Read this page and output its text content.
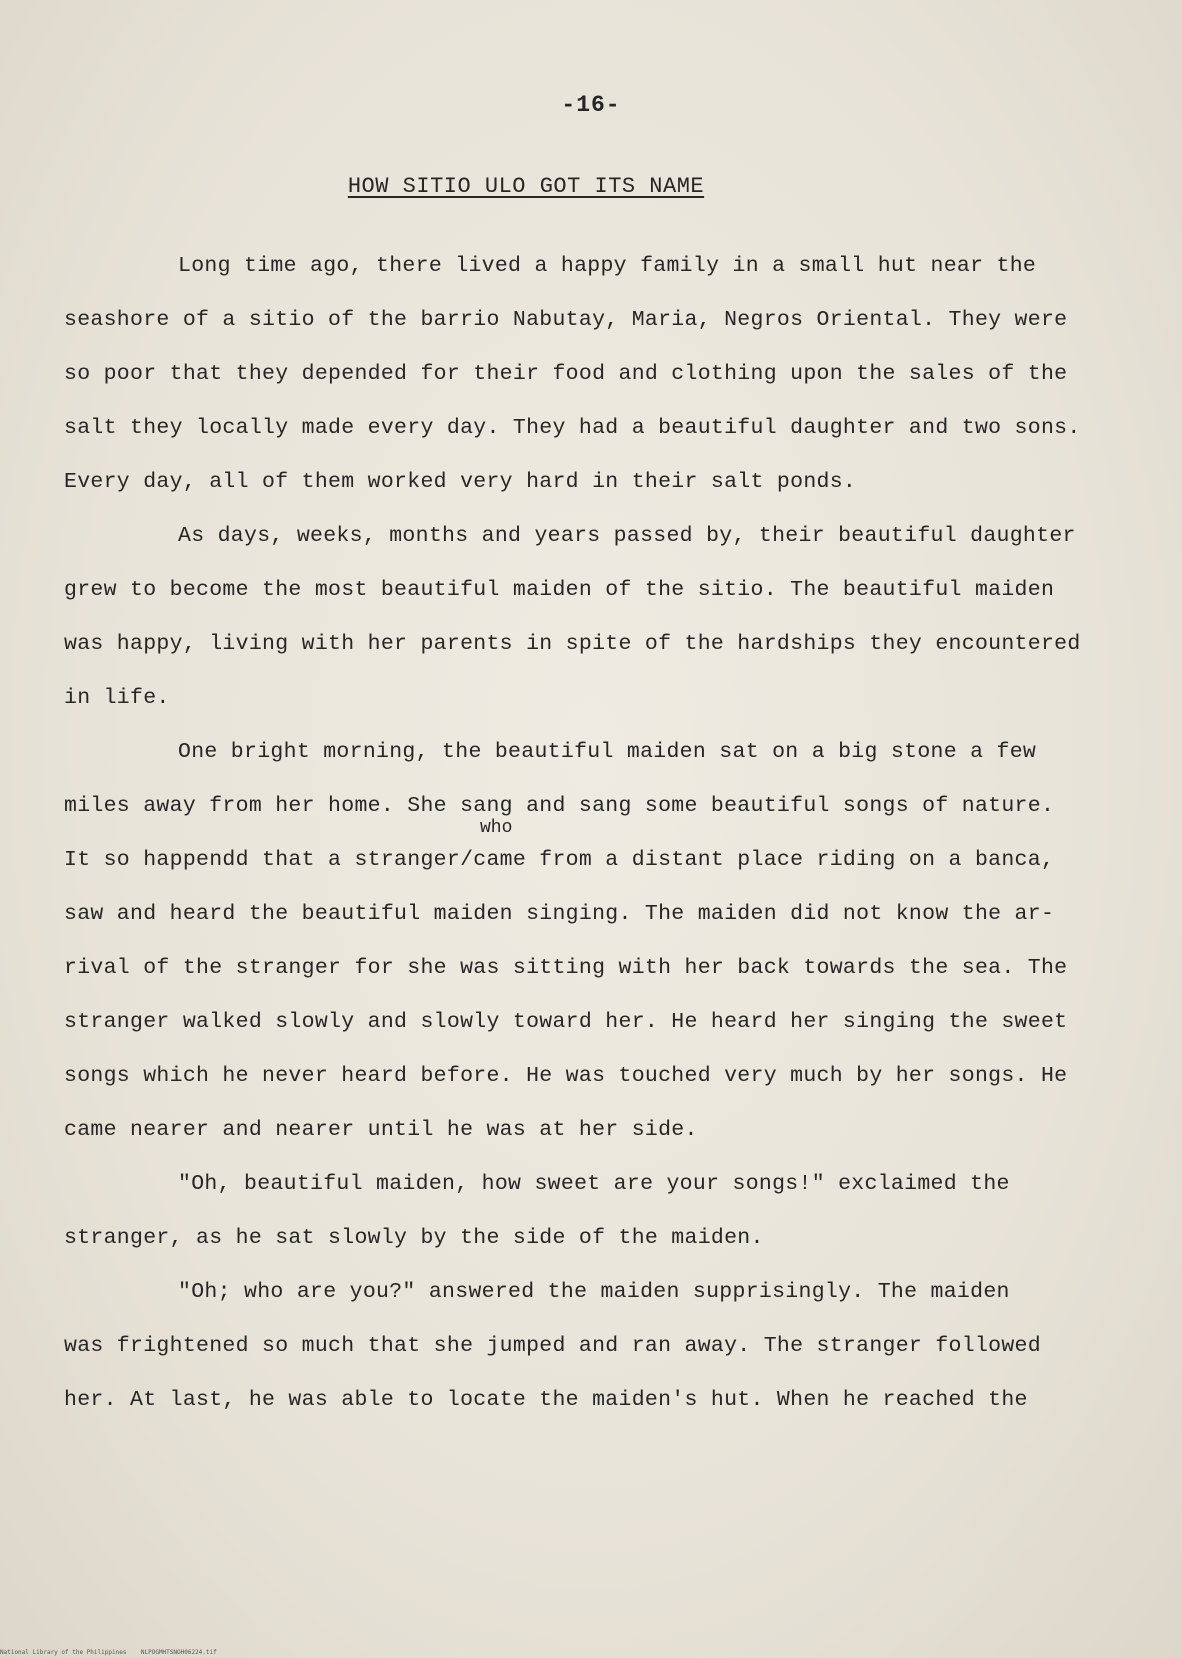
-16-
HOW SITIO ULO GOT ITS NAME

Long time ago, there lived a happy family in a small hut near the

seashore of a sitio of the barrio Nabutay, Maria, Negros Oriental. They were

so poor that they depended for their food and clothing upon the sales of the

salt they locally made every day. They had a beautiful daughter and two sons.

Every day, all of them worked very hard in their salt ponds.

As days, weeks, months and years passed by, their beautiful daughter

grew to become the most beautiful maiden of the sitio. The beautiful maiden

was happy, living with her parents in spite of the hardships they encountered

in life.

One bright morning, the beautiful maiden sat on a big stone a few

miles away from her home. She sang and sang some beautiful songs of nature.

who

It so happendd that a stranger/came from a distant place riding on a banca,

saw and heard the beautiful maiden singing. The maiden did not know the ar-

rival of the stranger for she was sitting with her back towards the sea. The

stranger walked slowly and slowly toward her. He heard her singing the sweet

songs which he never heard before. He was touched very much by her songs. He

came nearer and nearer until he was at her side.

"Oh, beautiful maiden, how sweet are your songs!" exclaimed the

stranger, as he sat slowly by the side of the maiden.

"Oh; who are you?" answered the maiden supprisingly. The maiden

was frightened so much that she jumped and ran away. The stranger followed

her. At last, he was able to locate the maiden's hut. When he reached the

National Library of the Philippines    NLPOGMHTSNOH06224.tif
